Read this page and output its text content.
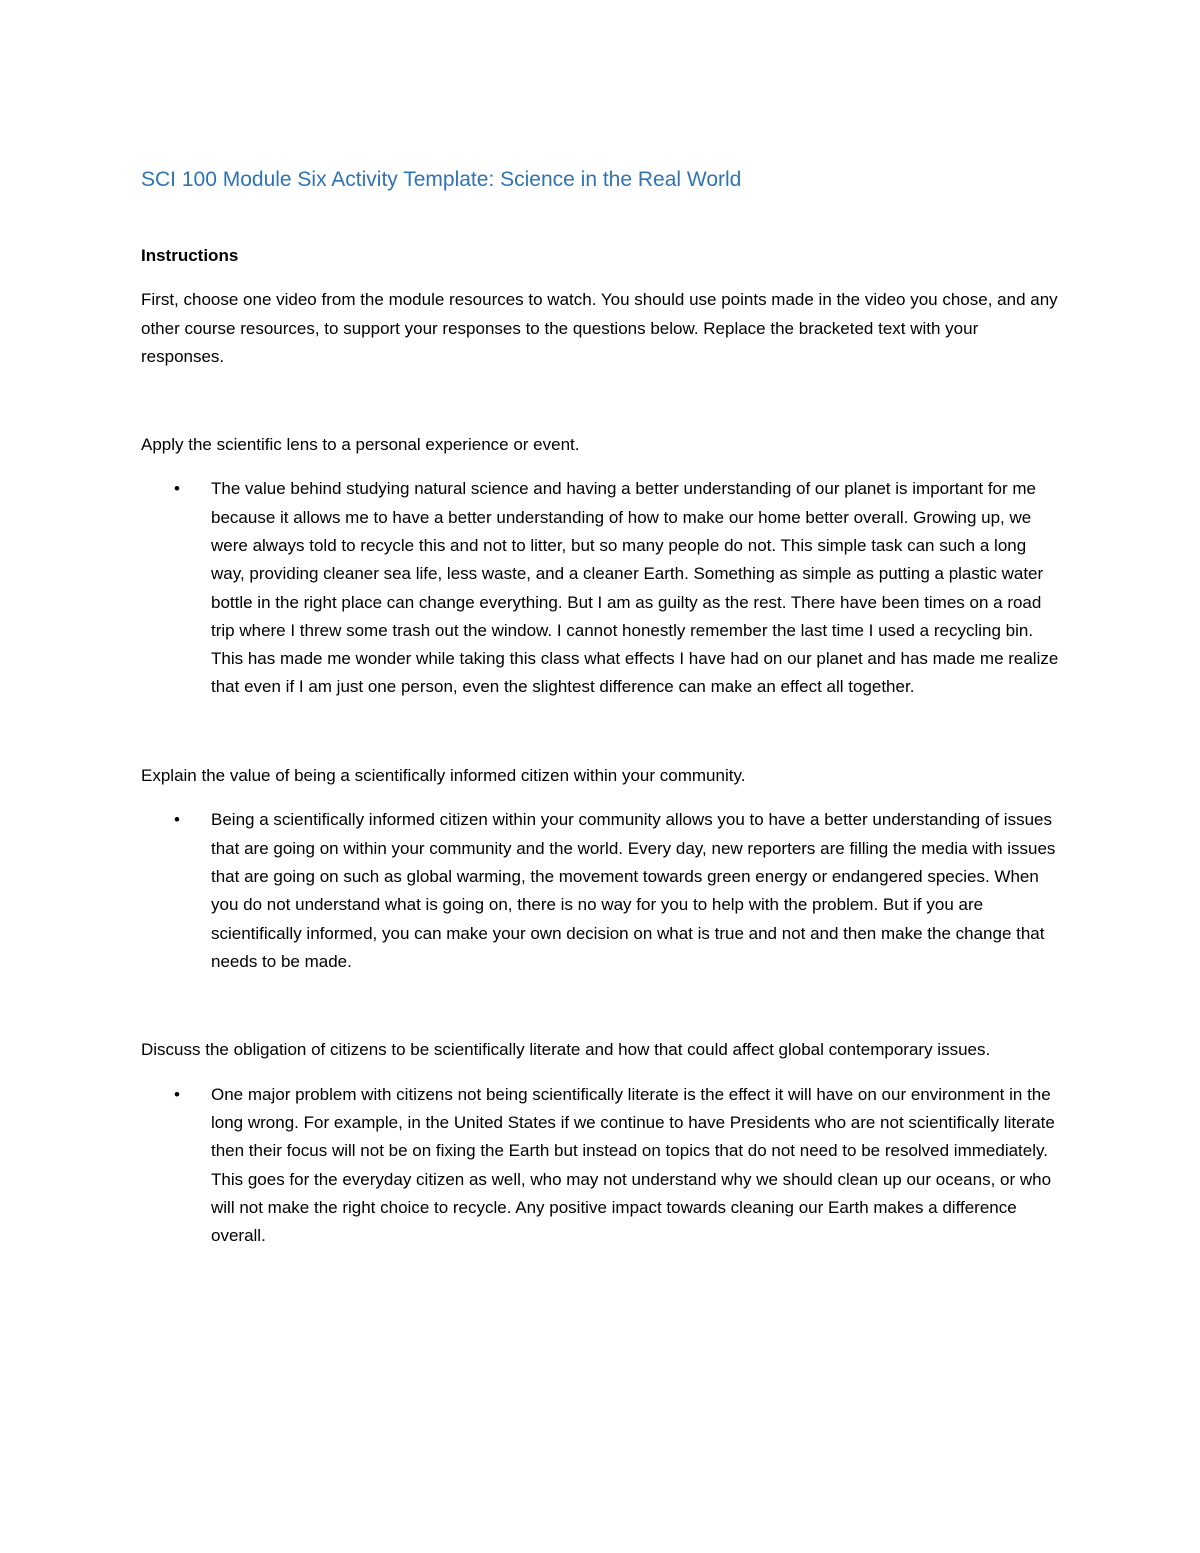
SCI 100 Module Six Activity Template: Science in the Real World
Instructions

First, choose one video from the module resources to watch. You should use points made in the video you chose, and any other course resources, to support your responses to the questions below. Replace the bracketed text with your responses.

Apply the scientific lens to a personal experience or event.

• The value behind studying natural science and having a better understanding of our planet is important for me because it allows me to have a better understanding of how to make our home better overall. Growing up, we were always told to recycle this and not to litter, but so many people do not. This simple task can such a long way, providing cleaner sea life, less waste, and a cleaner Earth. Something as simple as putting a plastic water bottle in the right place can change everything. But I am as guilty as the rest. There have been times on a road trip where I threw some trash out the window. I cannot honestly remember the last time I used a recycling bin. This has made me wonder while taking this class what effects I have had on our planet and has made me realize that even if I am just one person, even the slightest difference can make an effect all together.

Explain the value of being a scientifically informed citizen within your community.

• Being a scientifically informed citizen within your community allows you to have a better understanding of issues that are going on within your community and the world. Every day, new reporters are filling the media with issues that are going on such as global warming, the movement towards green energy or endangered species. When you do not understand what is going on, there is no way for you to help with the problem. But if you are scientifically informed, you can make your own decision on what is true and not and then make the change that needs to be made.

Discuss the obligation of citizens to be scientifically literate and how that could affect global contemporary issues.

• One major problem with citizens not being scientifically literate is the effect it will have on our environment in the long wrong. For example, in the United States if we continue to have Presidents who are not scientifically literate then their focus will not be on fixing the Earth but instead on topics that do not need to be resolved immediately. This goes for the everyday citizen as well, who may not understand why we should clean up our oceans, or who will not make the right choice to recycle. Any positive impact towards cleaning our Earth makes a difference overall.
